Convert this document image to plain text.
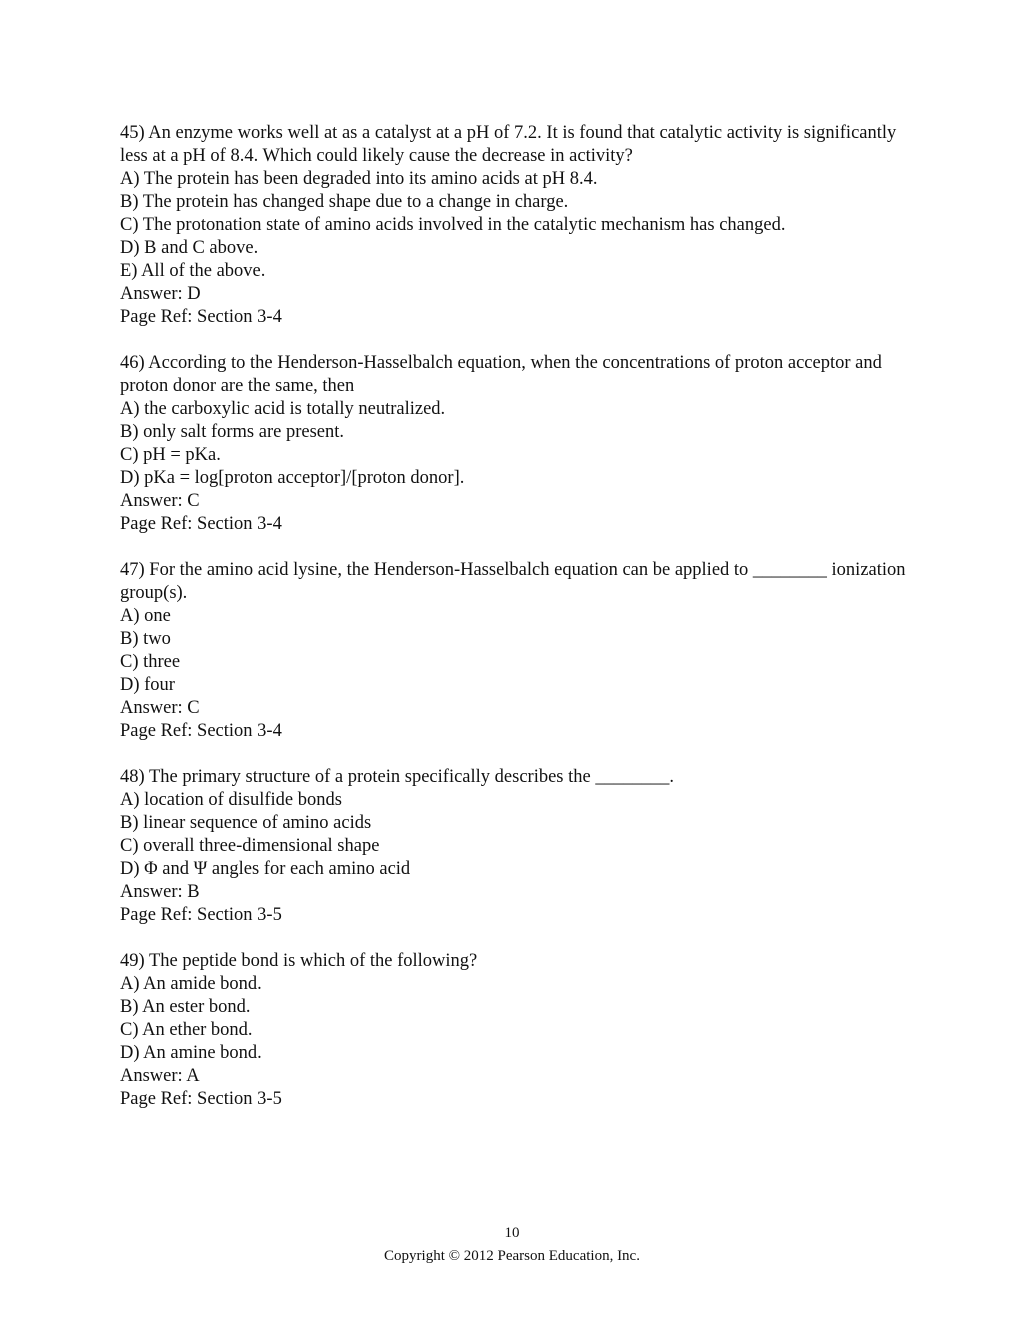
45) An enzyme works well at as a catalyst at a pH of 7.2. It is found that catalytic activity is significantly less at a pH of 8.4. Which could likely cause the decrease in activity?

A) The protein has been degraded into its amino acids at pH 8.4.

B) The protein has changed shape due to a change in charge.

C) The protonation state of amino acids involved in the catalytic mechanism has changed.

D) B and C above.

E) All of the above.

Answer: D

Page Ref: Section 3-4

46) According to the Henderson-Hasselbalch equation, when the concentrations of proton acceptor and proton donor are the same, then

A) the carboxylic acid is totally neutralized.

B) only salt forms are present.

C) pH = pKa.

D) pKa = log[proton acceptor]/[proton donor].

Answer: C

Page Ref: Section 3-4

47) For the amino acid lysine, the Henderson-Hasselbalch equation can be applied to ________ ionization group(s).

A) one

B) two

C) three

D) four

Answer: C

Page Ref: Section 3-4

48) The primary structure of a protein specifically describes the ________.

A) location of disulfide bonds

B) linear sequence of amino acids

C) overall three-dimensional shape

D) Φ and Ψ angles for each amino acid

Answer: B

Page Ref: Section 3-5

49) The peptide bond is which of the following?

A) An amide bond.

B) An ester bond.

C) An ether bond.

D) An amine bond.

Answer: A

Page Ref: Section 3-5

10
Copyright © 2012 Pearson Education, Inc.
